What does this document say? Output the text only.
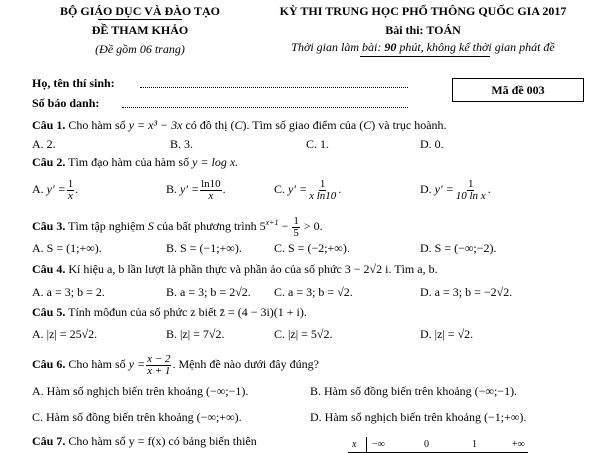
BỘ GIÁO DỤC VÀ ĐÀO TẠO
ĐỀ THAM KHẢO
(Đề gồm 06 trang)
KỲ THI TRUNG HỌC PHỔ THÔNG QUỐC GIA 2017
Bài thi: TOÁN
Thời gian làm bài: 90 phút, không kể thời gian phát đề
Họ, tên thí sinh:
Số báo danh:
Mã đề 003
Câu 1. Cho hàm số y = x³ − 3x có đồ thị (C). Tìm số giao điểm của (C) và trục hoành.
A. 2.	B. 3.	C. 1.	D. 0.
Câu 2. Tìm đạo hàm của hàm số y = log x.
A. $y' = \frac{1}{x}$ .	B. $y' = \frac{\ln 10}{x}$ .	C. $y' = \frac{1}{\text{x ln10}}$ .	D. $y' = \frac{1}{\text{10 ln x}}$ .
Câu 3. Tìm tập nghiệm S của bất phương trình $5^{x+1} - \frac{1}{5} > 0$.
A. S = (1;+∞).	B. S = (−1;+∞).	C. S = (−2;+∞).	D. S = (−∞;−2).
Câu 4. Kí hiệu a, b lần lượt là phần thực và phần ảo của số phức 3 − 2√2 i. Tìm a, b.
A. a = 3; b = 2.	B. a = 3; b = 2√2. C. a = 3; b = √2.	D. a = 3; b = −2√2.
Câu 5. Tính môđun của số phức z biết z̄ = (4 − 3i)(1 + i).
A. |z| = 25√2.	B. |z| = 7√2.	C. |z| = 5√2.	D. |z| = √2.
Câu 6. Cho hàm số $y = \frac{x - 2}{x + 1}$ . Mệnh đề nào dưới đây đúng?
A. Hàm số nghịch biến trên khoảng (−∞;−1).	B. Hàm số đồng biến trên khoảng (−∞;−1).
C. Hàm số đồng biến trên khoảng (−∞;+∞).	D. Hàm số nghịch biến trên khoảng (−1;+∞).
Câu 7. Cho hàm số y = f(x) có bảng biến thiên	x −∞	0	1	+∞
